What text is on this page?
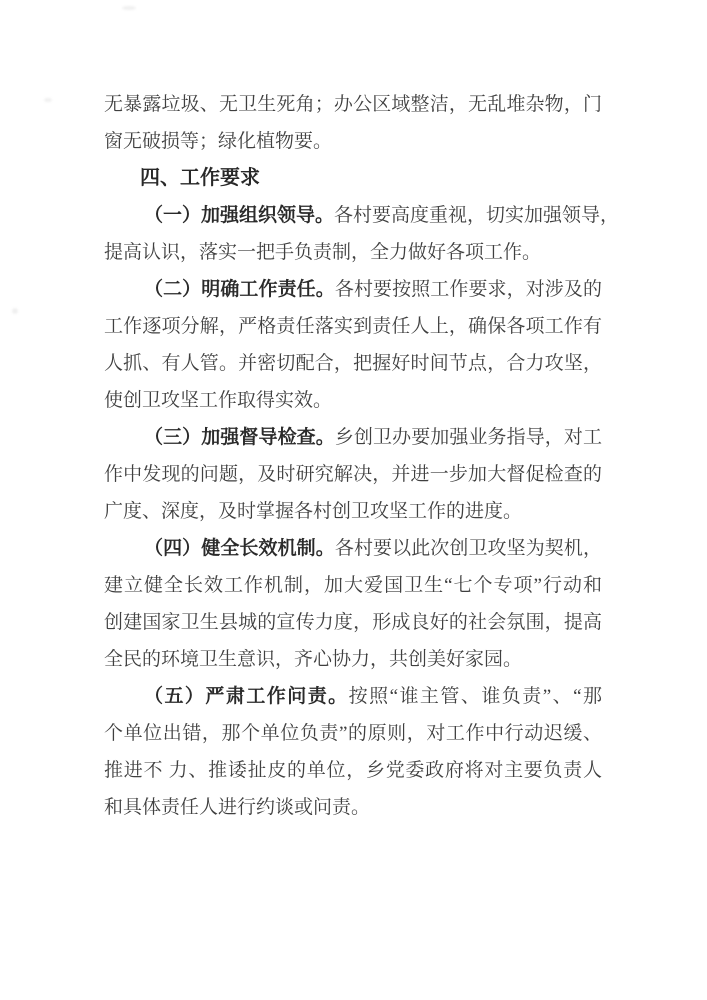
无暴露垃圾、无卫生死角；办公区域整洁，无乱堆杂物，门
窗无破损等；绿化植物要。
四、工作要求
（一）加强组织领导。各村要高度重视，切实加强领导，
提高认识，落实一把手负责制，全力做好各项工作。
（二）明确工作责任。各村要按照工作要求，对涉及的
工作逐项分解，严格责任落实到责任人上，确保各项工作有
人抓、有人管。并密切配合，把握好时间节点，合力攻坚，
使创卫攻坚工作取得实效。
（三）加强督导检查。乡创卫办要加强业务指导，对工
作中发现的问题，及时研究解决，并进一步加大督促检查的
广度、深度，及时掌握各村创卫攻坚工作的进度。
（四）健全长效机制。各村要以此次创卫攻坚为契机，
建立健全长效工作机制，加大爱国卫生“七个专项”行动和
创建国家卫生县城的宣传力度，形成良好的社会氛围，提高
全民的环境卫生意识，齐心协力，共创美好家园。
（五）严肃工作问责。按照“谁主管、谁负责”、“那
个单位出错，那个单位负责”的原则，对工作中行动迟缓、
推进不 力、推诿扯皮的单位，乡党委政府将对主要负责人
和具体责任人进行约谈或问责。
